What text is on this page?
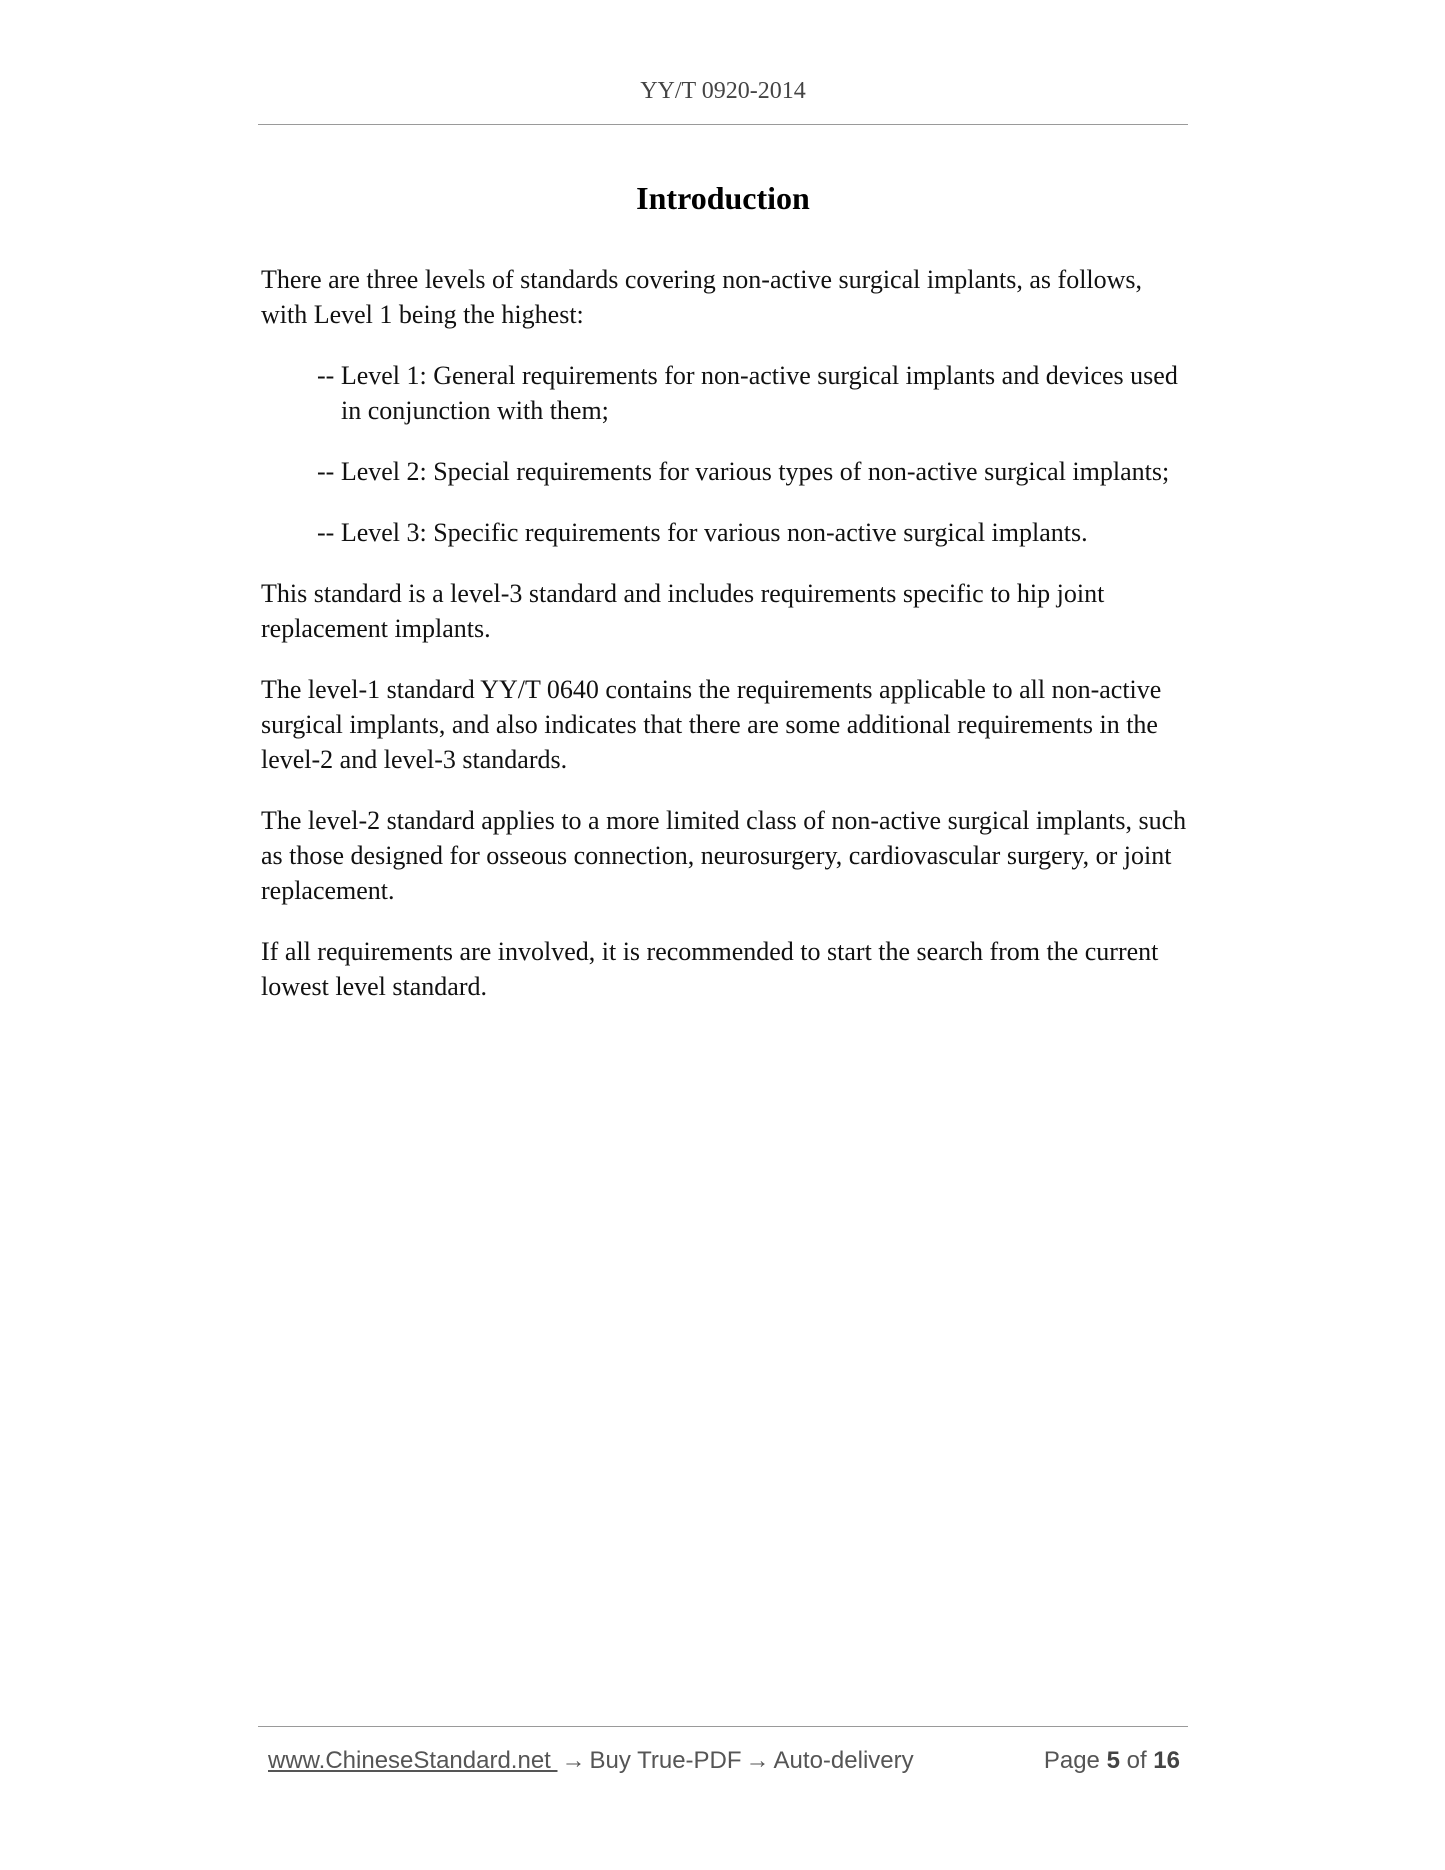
YY/T 0920-2014
Introduction

There are three levels of standards covering non-active surgical implants, as follows, with Level 1 being the highest:

-- Level 1: General requirements for non-active surgical implants and devices used in conjunction with them;

-- Level 2: Special requirements for various types of non-active surgical implants;

-- Level 3: Specific requirements for various non-active surgical implants.

This standard is a level-3 standard and includes requirements specific to hip joint replacement implants.

The level-1 standard YY/T 0640 contains the requirements applicable to all non-active surgical implants, and also indicates that there are some additional requirements in the level-2 and level-3 standards.

The level-2 standard applies to a more limited class of non-active surgical implants, such as those designed for osseous connection, neurosurgery, cardiovascular surgery, or joint replacement.

If all requirements are involved, it is recommended to start the search from the current lowest level standard.

www.ChineseStandard.net → Buy True-PDF → Auto-delivery	Page 5 of 16
